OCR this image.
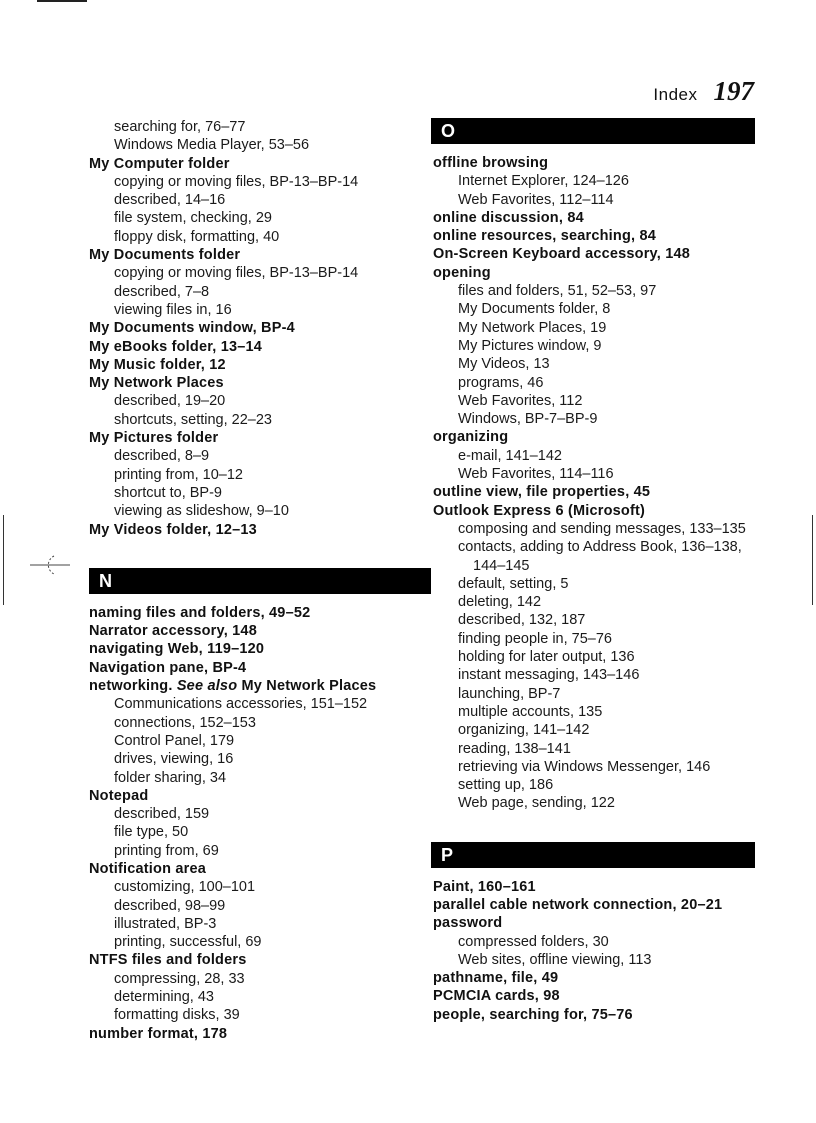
Index 197
searching for, 76–77
Windows Media Player, 53–56
My Computer folder
copying or moving files, BP-13–BP-14
described, 14–16
file system, checking, 29
floppy disk, formatting, 40
My Documents folder
copying or moving files, BP-13–BP-14
described, 7–8
viewing files in, 16
My Documents window, BP-4
My eBooks folder, 13–14
My Music folder, 12
My Network Places
described, 19–20
shortcuts, setting, 22–23
My Pictures folder
described, 8–9
printing from, 10–12
shortcut to, BP-9
viewing as slideshow, 9–10
My Videos folder, 12–13
N
naming files and folders, 49–52
Narrator accessory, 148
navigating Web, 119–120
Navigation pane, BP-4
networking. See also My Network Places
Communications accessories, 151–152
connections, 152–153
Control Panel, 179
drives, viewing, 16
folder sharing, 34
Notepad
described, 159
file type, 50
printing from, 69
Notification area
customizing, 100–101
described, 98–99
illustrated, BP-3
printing, successful, 69
NTFS files and folders
compressing, 28, 33
determining, 43
formatting disks, 39
number format, 178
O
offline browsing
Internet Explorer, 124–126
Web Favorites, 112–114
online discussion, 84
online resources, searching, 84
On-Screen Keyboard accessory, 148
opening
files and folders, 51, 52–53, 97
My Documents folder, 8
My Network Places, 19
My Pictures window, 9
My Videos, 13
programs, 46
Web Favorites, 112
Windows, BP-7–BP-9
organizing
e-mail, 141–142
Web Favorites, 114–116
outline view, file properties, 45
Outlook Express 6 (Microsoft)
composing and sending messages, 133–135
contacts, adding to Address Book, 136–138,
144–145
default, setting, 5
deleting, 142
described, 132, 187
finding people in, 75–76
holding for later output, 136
instant messaging, 143–146
launching, BP-7
multiple accounts, 135
organizing, 141–142
reading, 138–141
retrieving via Windows Messenger, 146
setting up, 186
Web page, sending, 122
P
Paint, 160–161
parallel cable network connection, 20–21
password
compressed folders, 30
Web sites, offline viewing, 113
pathname, file, 49
PCMCIA cards, 98
people, searching for, 75–76
